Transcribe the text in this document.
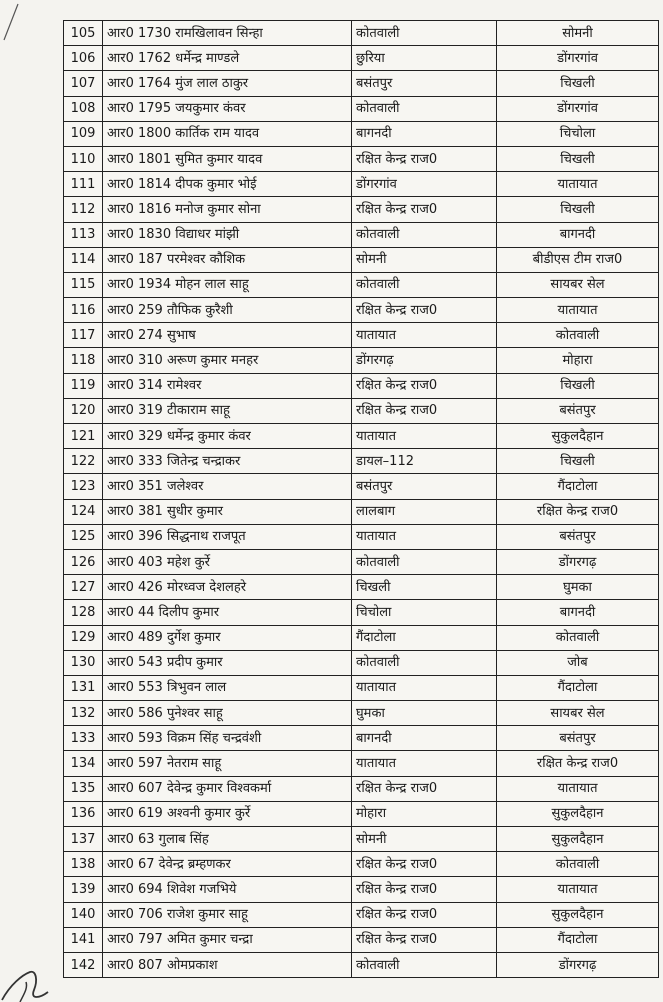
105	आर0 1730 रामखिलावन सिन्हा	कोतवाली	सोमनी
106	आर0 1762 धर्मेन्द्र माण्डले	छुरिया	डोंगरगांव
107	आर0 1764 मुंज लाल ठाकुर	बसंतपुर	चिखली
108	आर0 1795 जयकुमार कंवर	कोतवाली	डोंगरगांव
109	आर0 1800 कार्तिक राम यादव	बागनदी	चिचोला
110	आर0 1801 सुमित कुमार यादव	रक्षित केन्द्र राज0	चिखली
111	आर0 1814 दीपक कुमार भोई	डोंगरगांव	यातायात
112	आर0 1816 मनोज कुमार सोना	रक्षित केन्द्र राज0	चिखली
113	आर0 1830 विद्याधर मांझी	कोतवाली	बागनदी
114	आर0 187 परमेश्वर कौशिक	सोमनी	बीडीएस टीम राज0
115	आर0 1934 मोहन लाल साहू	कोतवाली	सायबर सेल
116	आर0 259 तौफिक कुरैशी	रक्षित केन्द्र राज0	यातायात
117	आर0 274 सुभाष	यातायात	कोतवाली
118	आर0 310 अरूण कुमार मनहर	डोंगरगढ़	मोहारा
119	आर0 314 रामेश्वर	रक्षित केन्द्र राज0	चिखली
120	आर0 319 टीकाराम साहू	रक्षित केन्द्र राज0	बसंतपुर
121	आर0 329 धर्मेन्द्र कुमार कंवर	यातायात	सुकुलदैहान
122	आर0 333 जितेन्द्र चन्द्राकर	डायल–112	चिखली
123	आर0 351 जलेश्वर	बसंतपुर	गैंदाटोला
124	आर0 381 सुधीर कुमार	लालबाग	रक्षित केन्द्र राज0
125	आर0 396 सिद्धनाथ राजपूत	यातायात	बसंतपुर
126	आर0 403 महेश कुर्रे	कोतवाली	डोंगरगढ़
127	आर0 426 मोरध्वज देशलहरे	चिखली	घुमका
128	आर0 44 दिलीप कुमार	चिचोला	बागनदी
129	आर0 489 दुर्गेश कुमार	गैंदाटोला	कोतवाली
130	आर0 543 प्रदीप कुमार	कोतवाली	जोब
131	आर0 553 त्रिभुवन लाल	यातायात	गैंदाटोला
132	आर0 586 पुनेश्वर साहू	घुमका	सायबर सेल
133	आर0 593 विक्रम सिंह चन्द्रवंशी	बागनदी	बसंतपुर
134	आर0 597 नेतराम साहू	यातायात	रक्षित केन्द्र राज0
135	आर0 607 देवेन्द्र कुमार विश्वकर्मा	रक्षित केन्द्र राज0	यातायात
136	आर0 619 अश्वनी कुमार कुर्रे	मोहारा	सुकुलदैहान
137	आर0 63 गुलाब सिंह	सोमनी	सुकुलदैहान
138	आर0 67 देवेन्द्र ब्रम्हणकर	रक्षित केन्द्र राज0	कोतवाली
139	आर0 694 शिवेश गजभिये	रक्षित केन्द्र राज0	यातायात
140	आर0 706 राजेश कुमार साहू	रक्षित केन्द्र राज0	सुकुलदैहान
141	आर0 797 अमित कुमार चन्द्रा	रक्षित केन्द्र राज0	गैंदाटोला
142	आर0 807 ओमप्रकाश	कोतवाली	डोंगरगढ़
